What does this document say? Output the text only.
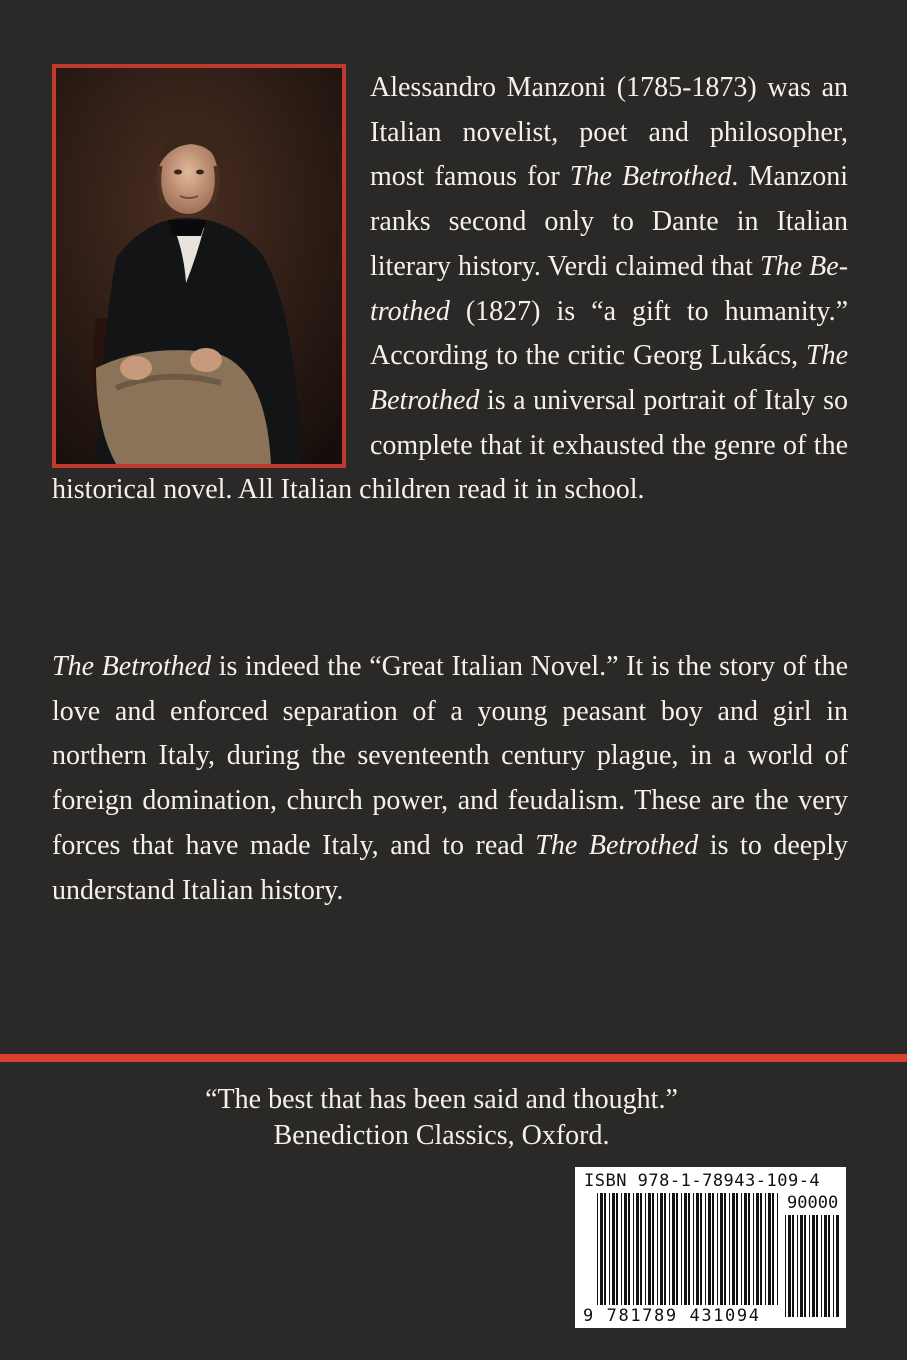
Alessandro Manzoni (1785-1873) was an Italian novelist, poet and philosopher, most famous for The Betrothed. Manzoni ranks second only to Dante in Italian literary history. Verdi claimed that The Betrothed (1827) is “a gift to humanity.” According to the critic Georg Lukács, The Betrothed is a universal portrait of Italy so complete that it exhausted the genre of the historical novel. All Italian children read it in school.
The Betrothed is indeed the “Great Italian Novel.” It is the story of the love and enforced separation of a young peasant boy and girl in northern Italy, during the seventeenth century plague, in a world of foreign domination, church power, and feudalism. These are the very forces that have made Italy, and to read The Betrothed is to deeply understand Italian history.
“The best that has been said and thought.”
Benediction Classics, Oxford.
ISBN 978-1-78943-109-4
90000
9 781789 431094
